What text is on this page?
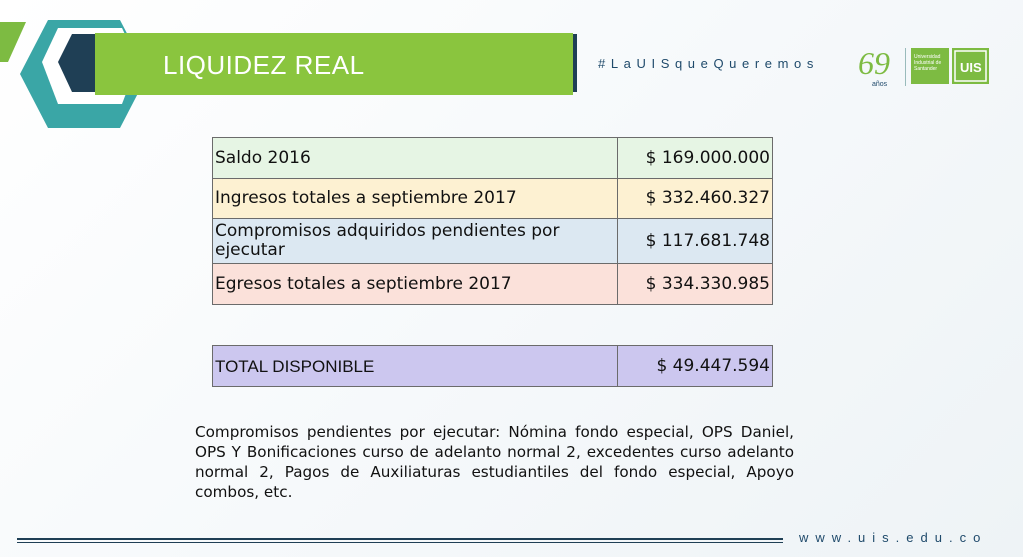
LIQUIDEZ REAL	#LaUISqueQueremos 69
años
Universidad
Industrial de
Santander	UIS
Saldo 2016	$ 169.000.000
Ingresos totales a septiembre 2017	$ 332.460.327
Compromisos adquiridos pendientes por ejecutar	$ 117.681.748
Egresos totales a septiembre 2017	$ 334.330.985
TOTAL DISPONIBLE	$ 49.447.594
Compromisos pendientes por ejecutar: Nómina fondo especial, OPS Daniel, OPS Y Bonificaciones curso de adelanto normal 2, excedentes curso adelanto normal 2, Pagos de Auxiliaturas estudiantiles del fondo especial, Apoyo combos, etc.
www.uis.edu.co
